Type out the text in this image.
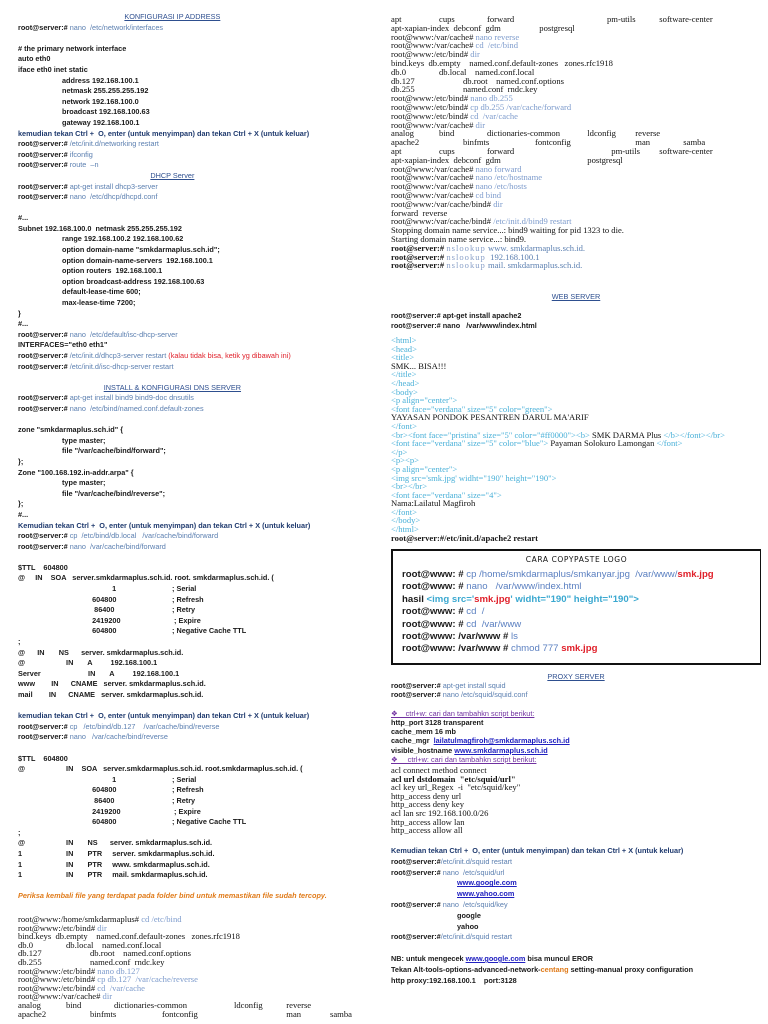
KONFIGURASI IP ADDRESS
root@server:# nano  /etc/network/interfaces

# the primary network interface
auto eth0
iface eth0 inet static
		address 192.168.100.1
		netmask 255.255.255.192
		network 192.168.100.0
		broadcast 192.168.100.63
		gateway 192.168.100.1
kemudian tekan Ctrl +  O, enter (untuk menyimpan) dan tekan Ctrl + X (untuk keluar)
root@server:# /etc/init.d/networking restart
root@server:# ifconfig
root@server:# route  –n
DHCP Server
root@server:# apt-get install dhcp3-server
root@server:# nano  /etc/dhcp/dhcpd.conf

#...
Subnet 192.168.100.0  netmask 255.255.255.192
		range 192.168.100.2 192.168.100.62
		option domain-name "smkdarmaplus.sch.id";
		option domain-name-servers  192.168.100.1
		option routers  192.168.100.1
		option broadcast-address 192.168.100.63
		default-lease-time 600;
		max-lease-time 7200;
}
#...
root@server:# nano  /etc/default/isc-dhcp-server
INTERFACES="eth0 eth1"
root@server:# /etc/init.d/dhcp3-server restart (kalau tidak bisa, ketik yg dibawah ini)
root@server:# /etc/init.d/isc-dhcp-server restart

INSTALL & KONFIGURASI DNS SERVER
root@server:# apt-get install bind9 bind9-doc dnsutils
root@server:# nano  /etc/bind/named.conf.default-zones

zone "smkdarmaplus.sch.id" {
		type master;
		file "/var/cache/bind/forward";
};
Zone "100.168.192.in-addr.arpa" {
		type master;
		file "/var/cache/bind/reverse";
};
#...
Kemudian tekan Ctrl +  O, enter (untuk menyimpan) dan tekan Ctrl + X (untuk keluar)
root@server:# cp  /etc/bind/db.local   /var/cache/bind/forward
root@server:# nano  /var/cache/bind/forward

$TTL    604800
@     IN    SOA   server.smkdarmaplus.sch.id. root. smkdarmaplus.sch.id. (
				1			; Serial
			604800			; Refresh
			86400			; Retry
			2419200			; Expire
			604800			; Negative Cache TTL
;
@      IN       NS      server. smkdarmaplus.sch.id.
@		IN       A         192.168.100.1
Server		IN       A         192.168.100.1
www        IN      CNAME   server. smkdarmaplus.sch.id.
mail        IN      CNAME   server. smkdarmaplus.sch.id.

kemudian tekan Ctrl +  O, enter (untuk menyimpan) dan tekan Ctrl + X (untuk keluar)
root@server:# cp   /etc/bind/db.127    /var/cache/bind/reverse
root@server:# nano   /var/cache/bind/reverse

$TTL    604800
@		IN    SOA   server.smkdarmaplus.sch.id. root.smkdarmaplus.sch.id. (
				1			; Serial
			604800			; Refresh
			86400			; Retry
			2419200			; Expire
			604800			; Negative Cache TTL
;
@		IN       NS      server. smkdarmaplus.sch.id.
1		IN       PTR     server. smkdarmaplus.sch.id.
1		IN       PTR     www. smkdarmaplus.sch.id.
1		IN       PTR     mail. smkdarmaplus.sch.id.

Periksa kembali file yang terdapat pada folder bind untuk memastikan file sudah tercopy.
root@www:/home/smkdarmaplus# cd /etc/bind
root@www:/etc/bind# dir
bind.keys  db.empty    named.conf.default-zones   zones.rfc1918
db.0		db.local    named.conf.local
db.127		db.root    named.conf.options
db.255		named.conf  rndc.key
root@www:/etc/bind# nano db.127
root@www:/etc/bind# cp db.127  /var/cache/reverse
root@www:/etc/bind# cd  /var/cache
root@www:/var/cache# dir
analog		bind		dictionaries-common		ldconfig	reverse
apache2		binfmts		fontconfig				man		samba
apt		cups		forward				pm-utils	software-center
apt-xapian-index  debconf  gdm		postgresql
root@www:/var/cache# nano reverse
root@www:/var/cache# cd  /etc/bind
root@www:/etc/bind# dir
bind.keys  db.empty    named.conf.default-zones   zones.rfc1918
db.0		db.local    named.conf.local
db.127		db.root    named.conf.options
db.255		named.conf  rndc.key
root@www:/etc/bind# nano db.255
root@www:/etc/bind# cp db.255 /var/cache/forward
root@www:/etc/bind# cd  /var/cache
root@www:/var/cache# dir
analog		bind		dictionaries-common	ldconfig	reverse
apache2		binfmts		fontconfig			man		samba
apt		cups		forward				pm-utils	software-center
apt-xapian-index  debconf  gdm				postgresql
root@www:/var/cache# nano forward
root@www:/var/cache# nano /etc/hostname
root@www:/var/cache# nano /etc/hosts
root@www:/var/cache# cd bind
root@www:/var/cache/bind# dir
forward  reverse
root@www:/var/cache/bind# /etc/init.d/bind9 restart
Stopping domain name service...: bind9 waiting for pid 1323 to die.
Starting domain name service...: bind9.
root@server:# nslookup www. smkdarmaplus.sch.id.
root@server:# nslookup  192.168.100.1
root@server:# nslookup mail. smkdarmaplus.sch.id.
WEB SERVER

root@server:# apt-get install apache2
root@server:# nano   /var/www/index.html
<html>
<head>
<title>
SMK... BISA!!!
</title>
</head>
<body>
<p align="center">
<font face="verdana" size="5" color="green">
YAYASAN PONDOK PESANTREN DARUL MA'ARIF
</font>
<br><font face="pristina" size="5" color="#ff0000"><b> SMK DARMA Plus </b></font></br>
<font face="verdana" size="5" color="blue"> Payaman Solokuro Lamongan </font>
</p>
<p><p>
<p align="center">
<img src='smk.jpg' widht="190" height="190">
<br></br>
<font face="verdana" size="4">
Nama:Lailatul Magfiroh
</font>
</body>
</html>
root@server:#/etc/init.d/apache2 restart
CARA COPYPASTE LOGO
root@www: # cp /home/smkdarmaplus/smkanyar.jpg  /var/www/smk.jpg
root@www: # nano   /var/www/index.html
hasil <img src='smk.jpg' widht="190" height="190">
root@www: # cd  /
root@www: # cd  /var/www
root@www: /var/www # ls
root@www: /var/www # chmod 777 smk.jpg
PROXY SERVER
root@server:# apt-get install squid
root@server:# nano /etc/squid/squid.conf

❖    ctrl+w: cari dan tambahkn script berikut:
http_port 3128 transparent
cache_mem 16 mb
cache_mgr  lailatulmagfiroh@smkdarmaplus.sch.id
visible_hostname www.smkdarmaplus.sch.id
❖     ctrl+w: cari dan tambahkn script berikut:
acl connect method connect
acl url dstdomain  "etc/squid/url"
acl key url_Regex  -i  "etc/squid/key"
http_access deny url
http_access deny key
acl lan src 192.168.100.0/26
http_access allow lan
http_access allow all
Kemudian tekan Ctrl +  O, enter (untuk menyimpan) dan tekan Ctrl + X (untuk keluar)
root@server:#/etc/init.d/squid restart
root@server:# nano  /etc/squid/url
			www.google.com
			www.yahoo.com
root@server:# nano  /etc/squid/key
			google
			yahoo
root@server:#/etc/init.d/squid restart

NB: untuk mengecek www.google.com bisa muncul EROR
Tekan Alt-tools-options-advanced-network-centang setting-manual proxy configuration
http proxy:192.168.100.1    port:3128
